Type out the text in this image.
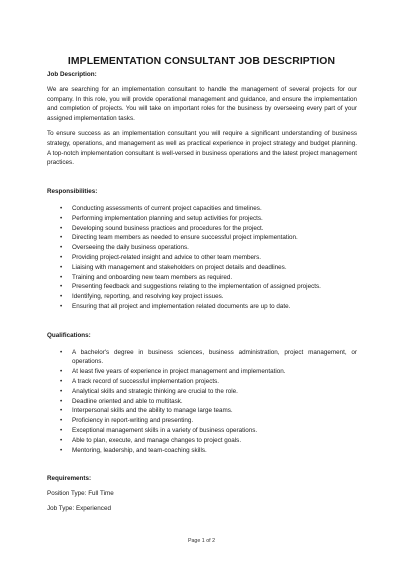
IMPLEMENTATION CONSULTANT JOB DESCRIPTION
Job Description:

We are searching for an implementation consultant to handle the management of several projects for our company. In this role, you will provide operational management and guidance, and ensure the implementation and completion of projects. You will take on important roles for the business by overseeing every part of your assigned implementation tasks.

To ensure success as an implementation consultant you will require a significant understanding of business strategy, operations, and management as well as practical experience in project strategy and budget planning. A top-notch implementation consultant is well-versed in business operations and the latest project management practices.

Responsibilities:
• Conducting assessments of current project capacities and timelines.
• Performing implementation planning and setup activities for projects.
• Developing sound business practices and procedures for the project.
• Directing team members as needed to ensure successful project implementation.
• Overseeing the daily business operations.
• Providing project-related insight and advice to other team members.
• Liaising with management and stakeholders on project details and deadlines.
• Training and onboarding new team members as required.
• Presenting feedback and suggestions relating to the implementation of assigned projects.
• Identifying, reporting, and resolving key project issues.
• Ensuring that all project and implementation related documents are up to date.
Qualifications:
• A bachelor's degree in business sciences, business administration, project management, or operations.
• At least five years of experience in project management and implementation.
• A track record of successful implementation projects.
• Analytical skills and strategic thinking are crucial to the role.
• Deadline oriented and able to multitask.
• Interpersonal skills and the ability to manage large teams.
• Proficiency in report-writing and presenting.
• Exceptional management skills in a variety of business operations.
• Able to plan, execute, and manage changes to project goals.
• Mentoring, leadership, and team-coaching skills.
Requirements:

Position Type: Full Time

Job Type: Experienced

Page 1 of 2
